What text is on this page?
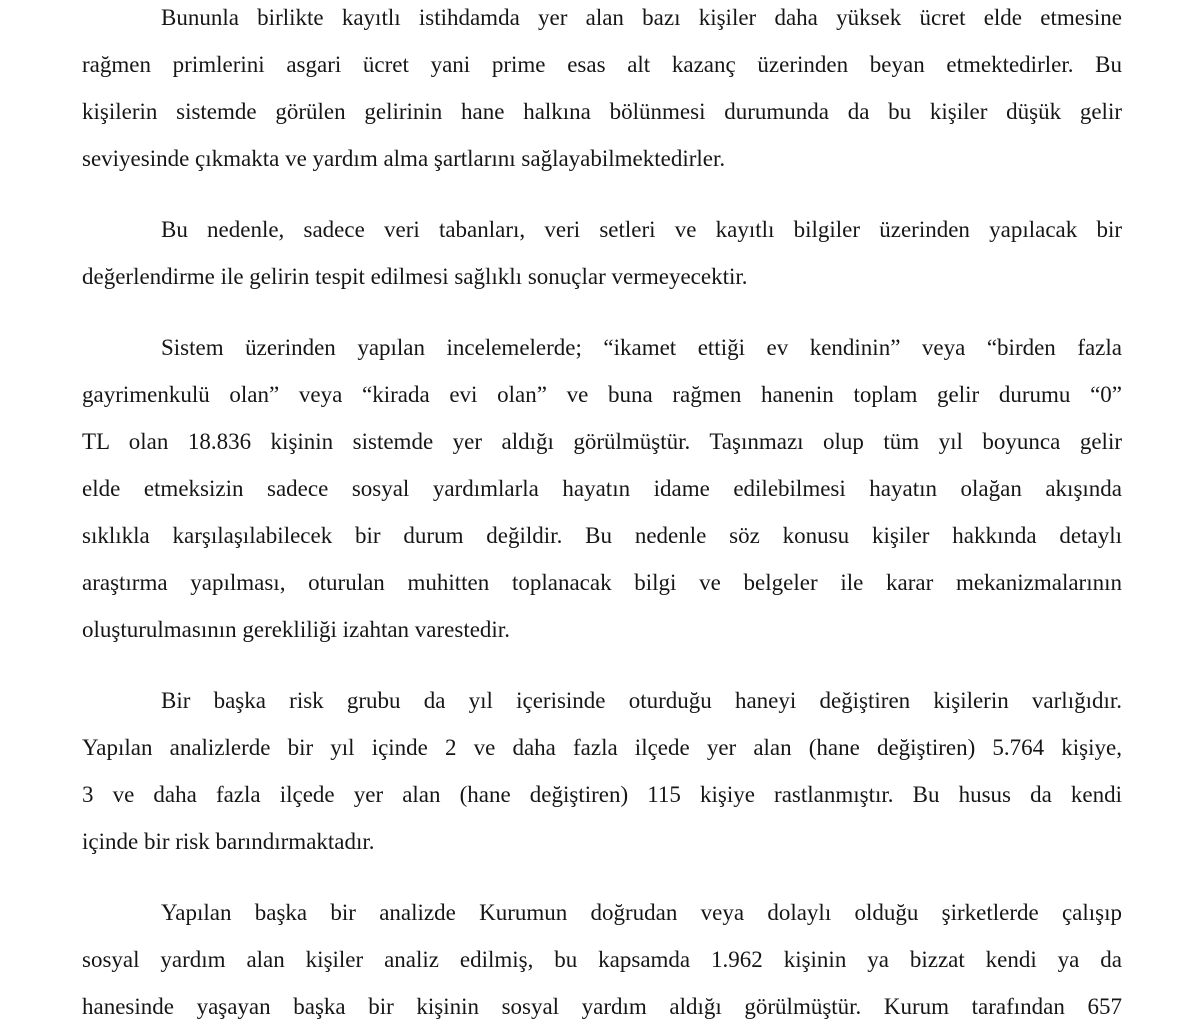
Bununla birlikte kayıtlı istihdamda yer alan bazı kişiler daha yüksek ücret elde etmesine
rağmen primlerini asgari ücret yani prime esas alt kazanç üzerinden beyan etmektedirler. Bu
kişilerin sistemde görülen gelirinin hane halkına bölünmesi durumunda da bu kişiler düşük gelir
seviyesinde çıkmakta ve yardım alma şartlarını sağlayabilmektedirler.
Bu nedenle, sadece veri tabanları, veri setleri ve kayıtlı bilgiler üzerinden yapılacak bir
değerlendirme ile gelirin tespit edilmesi sağlıklı sonuçlar vermeyecektir.
Sistem üzerinden yapılan incelemelerde; “ikamet ettiği ev kendinin” veya “birden fazla
gayrimenkulü olan” veya “kirada evi olan” ve buna rağmen hanenin toplam gelir durumu “0”
TL olan 18.836 kişinin sistemde yer aldığı görülmüştür. Taşınmazı olup tüm yıl boyunca gelir
elde etmeksizin sadece sosyal yardımlarla hayatın idame edilebilmesi hayatın olağan akışında
sıklıkla karşılaşılabilecek bir durum değildir. Bu nedenle söz konusu kişiler hakkında detaylı
araştırma yapılması, oturulan muhitten toplanacak bilgi ve belgeler ile karar mekanizmalarının
oluşturulmasının gerekliliği izahtan varestedir.
Bir başka risk grubu da yıl içerisinde oturduğu haneyi değiştiren kişilerin varlığıdır.
Yapılan analizlerde bir yıl içinde 2 ve daha fazla ilçede yer alan (hane değiştiren) 5.764 kişiye,
3 ve daha fazla ilçede yer alan (hane değiştiren) 115 kişiye rastlanmıştır. Bu husus da kendi
içinde bir risk barındırmaktadır.
Yapılan başka bir analizde Kurumun doğrudan veya dolaylı olduğu şirketlerde çalışıp
sosyal yardım alan kişiler analiz edilmiş, bu kapsamda 1.962 kişinin ya bizzat kendi ya da
hanesinde yaşayan başka bir kişinin sosyal yardım aldığı görülmüştür. Kurum tarafından 657
